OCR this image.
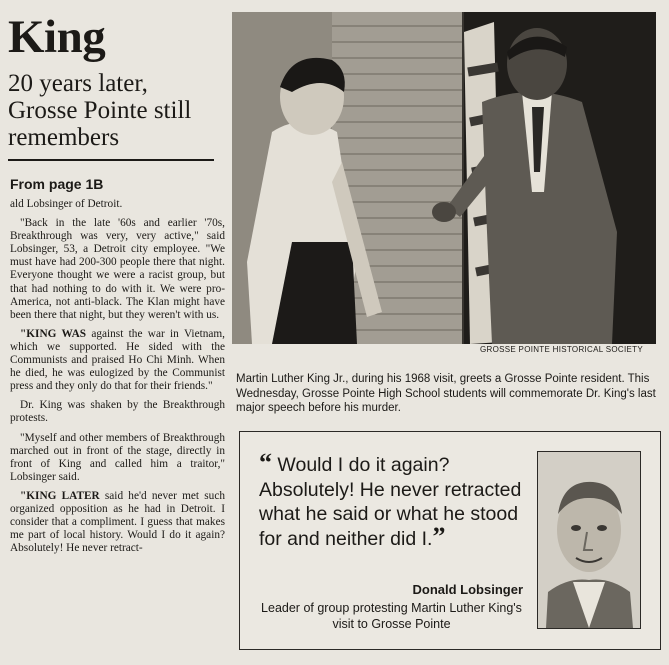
King
20 years later, Grosse Pointe still remembers
From page 1B

ald Lobsinger of Detroit.

"Back in the late '60s and earlier '70s, Breakthrough was very, very active," said Lobsinger, 53, a Detroit city employee. "We must have had 200-300 people there that night. Everyone thought we were a racist group, but that had nothing to do with it. We were pro-America, not anti-black. The Klan might have been there that night, but they weren't with us.

"KING WAS against the war in Vietnam, which we supported. He sided with the Communists and praised Ho Chi Minh. When he died, he was eulogized by the Communist press and they only do that for their friends."

Dr. King was shaken by the Breakthrough protests.

"Myself and other members of Breakthrough marched out in front of the stage, directly in front of King and called him a traitor," Lobsinger said.

"KING LATER said he'd never met such organized opposition as he had in Detroit. I consider that a compliment. I guess that makes me part of local history. Would I do it again? Absolutely! He never retract-

GROSSE POINTE HISTORICAL SOCIETY
Martin Luther King Jr., during his 1968 visit, greets a Grosse Pointe resident. This Wednesday, Grosse Pointe High School students will commemorate Dr. King's last major speech before his murder.
“ Would I do it again? Absolutely! He never retracted what he said or what he stood for and neither did I.”
Donald Lobsinger
Leader of group protesting Martin Luther King's visit to Grosse Pointe
